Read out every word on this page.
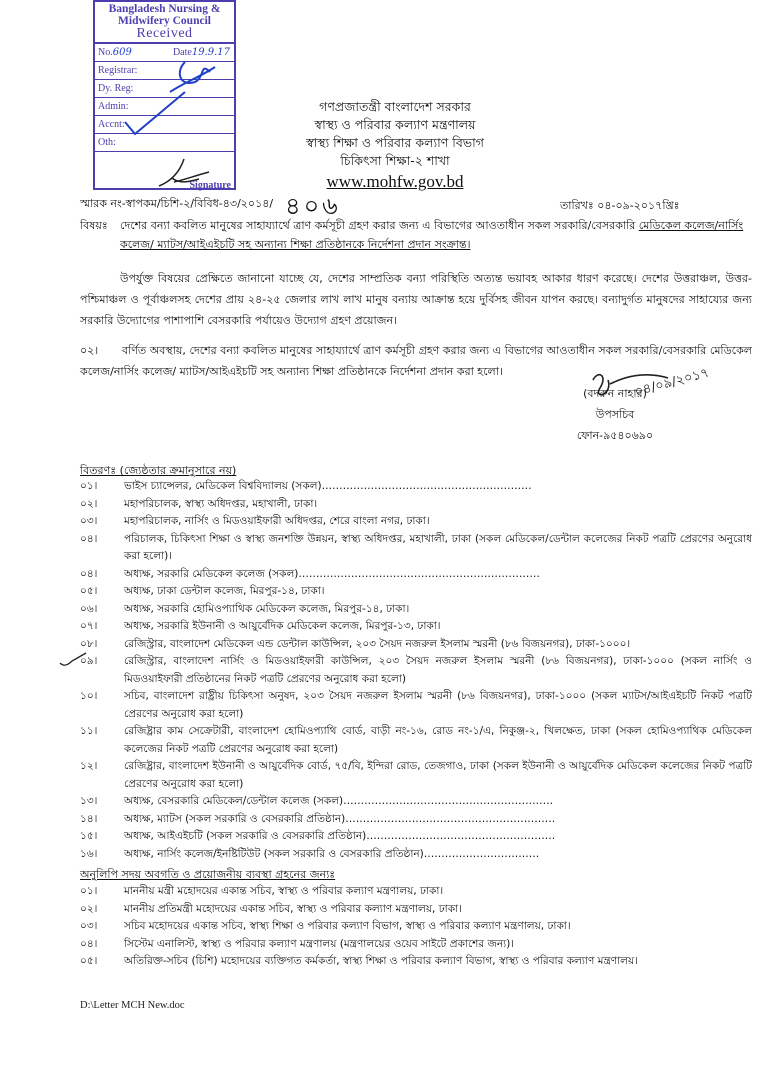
Bangladesh Nursing &
Midwifery Council
Received
No.609	Date19.9.17
Registrar:
Dy. Reg:
Admin:
Accnt:
Oth:
Signature
গণপ্রজাতন্ত্রী বাংলাদেশ সরকার
স্বাস্থ্য ও পরিবার কল্যাণ মন্ত্রণালয়
স্বাস্থ্য শিক্ষা ও পরিবার কল্যাণ বিভাগ
চিকিৎসা শিক্ষা-২ শাখা
www.mohfw.gov.bd
স্মারক নং-স্বাপকম/চিশি-২/বিবিধ-৪৩/২০১৪/ ৪০৬	তারিখঃ ০৪-০৯-২০১৭খ্রিঃ
বিষয়ঃ	দেশের বন্যা কবলিত মানুষের সাহায্যার্থে ত্রাণ কর্মসূচী গ্রহণ করার জন্য এ বিভাগের আওতাধীন সকল সরকারি/বেসরকারি মেডিকেল কলেজ/নার্সিং কলেজ/ ম্যাটস/আইএইচটি সহ অন্যান্য শিক্ষা প্রতিষ্ঠানকে নির্দেশনা প্রদান সংক্রান্ত।
উপর্যুক্ত বিষয়ের প্রেক্ষিতে জানানো যাচ্ছে যে, দেশের সাম্প্রতিক বন্যা পরিস্থিতি অত্যন্ত ভয়াবহ আকার ধারণ করেছে। দেশের উত্তরাঞ্চল, উত্তর-পশ্চিমাঞ্চল ও পূর্বাঞ্চলসহ দেশের প্রায় ২৪-২৫ জেলার লাখ লাখ মানুষ বন্যায় আক্রান্ত হয়ে দুর্বিসহ জীবন যাপন করছে। বন্যাদুর্গত মানুষদের সাহায্যের জন্য সরকারি উদ্যোগের পাশাপাশি বেসরকারি পর্যায়েও উদ্যোগ গ্রহণ প্রয়োজন।
০২। বর্ণিত অবস্থায়, দেশের বন্যা কবলিত মানুষের সাহায্যার্থে ত্রাণ কর্মসূচী গ্রহণ করার জন্য এ বিভাগের আওতাধীন সকল সরকারি/বেসরকারি মেডিকেল কলেজ/নার্সিং কলেজ/ ম্যাটস/আইএইচটি সহ অন্যান্য শিক্ষা প্রতিষ্ঠানকে নির্দেশনা প্রদান করা হলো।	০৪/০৯/২০১৭
(বদরুন নাহার)
উপসচিব
ফোন-৯৫৪০৬৯০
বিতরণঃ (জ্যেষ্ঠতার ক্রমানুসারে নয়)
০১।	ভাইস চ্যান্সেলর, মেডিকেল বিশ্ববিদ্যালয় (সকল)……………………………………………………
০২।	মহাপরিচালক, স্বাস্থ্য অধিদপ্তর, মহাখালী, ঢাকা।
০৩।	মহাপরিচালক, নার্সিং ও মিডওয়াইফারী অধিদপ্তর, শেরে বাংলা নগর, ঢাকা।
০৪।	পরিচালক, চিকিৎসা শিক্ষা ও স্বাস্থ্য জনশক্তি উন্নয়ন, স্বাস্থ্য অধিদপ্তর, মহাখালী, ঢাকা (সকল মেডিকেল/ডেন্টাল কলেজের নিকট পত্রটি প্রেরণের অনুরোধ করা হলো)।
০৪।	অধ্যক্ষ, সরকারি মেডিকেল কলেজ (সকল)……………………………………………………………
০৫।	অধ্যক্ষ, ঢাকা ডেন্টাল কলেজ, মিরপুর-১৪, ঢাকা।
০৬।	অধ্যক্ষ, সরকারি হোমিওপ্যাথিক মেডিকেল কলেজ, মিরপুর-১৪, ঢাকা।
০৭।	অধ্যক্ষ, সরকারি ইউনানী ও আয়ুর্বেদিক মেডিকেল কলেজ, মিরপুর-১৩, ঢাকা।
০৮।	রেজিস্ট্রার, বাংলাদেশ মেডিকেল এন্ড ডেন্টাল কাউন্সিল, ২০৩ সৈয়দ নজরুল ইসলাম স্মরনী (৮৬ বিজয়নগর), ঢাকা-১০০০।
০৯।	রেজিস্ট্রার, বাংলাদেশ নার্সিং ও মিডওয়াইফারী কাউন্সিল, ২০৩ সৈয়দ নজরুল ইসলাম স্মরনী (৮৬ বিজয়নগর), ঢাকা-১০০০ (সকল নার্সিং ও মিডওয়াইফারী প্রতিষ্ঠানের নিকট পত্রটি প্রেরণের অনুরোধ করা হলো)
১০।	সচিব, বাংলাদেশ রাষ্ট্রীয় চিকিৎসা অনুষদ, ২০৩ সৈয়দ নজরুল ইসলাম স্মরনী (৮৬ বিজয়নগর), ঢাকা-১০০০ (সকল ম্যাটস/আইএইচটি নিকট পত্রটি প্রেরণের অনুরোধ করা হলো)
১১।	রেজিষ্ট্রার কাম সেক্রেটারী, বাংলাদেশ হোমিওপ্যাথি বোর্ড, বাড়ী নং-১৬, রোড নং-১/এ, নিকুঞ্জ-২, খিলক্ষেত, ঢাকা (সকল হোমিওপ্যাথিক মেডিকেল কলেজের নিকট পত্রটি প্রেরণের অনুরোধ করা হলো)
১২।	রেজিষ্ট্রার, বাংলাদেশ ইউনানী ও আয়ুর্বেদিক বোর্ড, ৭৫/বি, ইন্দিরা রোড, তেজগাও, ঢাকা (সকল ইউনানী ও আয়ুর্বেদিক মেডিকেল কলেজের নিকট পত্রটি প্রেরণের অনুরোধ করা হলো)
১৩।	অধ্যক্ষ, বেসরকারি মেডিকেল/ডেন্টাল কলেজ (সকল)……………………………………………………
১৪।	অধ্যক্ষ, ম্যাটস (সকল সরকারি ও বেসরকারি প্রতিষ্ঠান)……………………………………………………
১৫।	অধ্যক্ষ, আইএইচটি (সকল সরকারি ও বেসরকারি প্রতিষ্ঠান)………………………………………………
১৬।	অধ্যক্ষ, নার্সিং কলেজ/ইনষ্টিটিউট (সকল সরকারি ও বেসরকারি প্রতিষ্ঠান)……………………………
অনুলিপি সদয় অবগতি ও প্রয়োজনীয় ব্যবস্থা গ্রহনের জন্যঃ
০১।	মাননীয় মন্ত্রী মহোদয়ের একান্ত সচিব, স্বাস্থ্য ও পরিবার কল্যাণ মন্ত্রণালয়, ঢাকা।
০২।	মাননীয় প্রতিমন্ত্রী মহোদয়ের একান্ত সচিব, স্বাস্থ্য ও পরিবার কল্যাণ মন্ত্রণালয়, ঢাকা।
০৩।	সচিব মহোদয়ের একান্ত সচিব, স্বাস্থ্য শিক্ষা ও পরিবার কল্যাণ বিভাগ, স্বাস্থ্য ও পরিবার কল্যাণ মন্ত্রণালয়, ঢাকা।
০৪।	সিস্টেম এনালিস্ট, স্বাস্থ্য ও পরিবার কল্যাণ মন্ত্রণালয় (মন্ত্রণালয়ের ওয়েব সাইটে প্রকাশের জন্য)।
০৫।	অতিরিক্ত-সচিব (চিশি) মহোদয়ের ব্যক্তিগত কর্মকর্তা, স্বাস্থ্য শিক্ষা ও পরিবার কল্যাণ বিভাগ, স্বাস্থ্য ও পরিবার কল্যাণ মন্ত্রণালয়।
D:\Letter MCH New.doc
